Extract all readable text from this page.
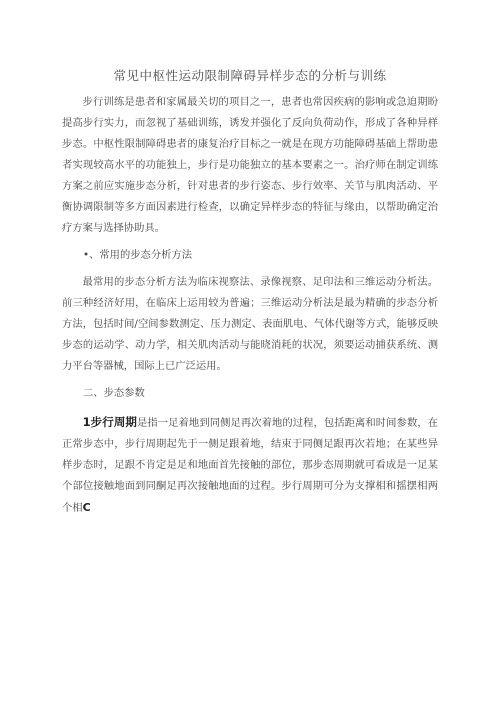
常见中枢性运动限制障碍异样步态的分析与训练

步行训练是患者和家属最关切的项目之一，患者也常因疾病的影响或急迫期盼提高步行实力，而忽视了基础训练，诱发并强化了反向负荷动作，形成了各种异样步态。中枢性限制障碍患者的康复治疗目标之一就是在现方功能障碍基础上帮助患者实现较高水平的功能独上，步行是功能独立的基本要素之一。治疗师在制定训练方案之前应实施步态分析，针对患者的步行姿态、步行效率、关节与肌肉活动、平衡协调限制等多方面因素进行检查，以确定异样步态的特征与缘由，以帮助确定治疗方案与选择协助具。

•、常用的步态分析方法

最常用的步态分析方法为临床视察法、录像视察、足印法和三维运动分析法。前三种经济好用，在临床上运用较为普遍；三维运动分析法是最为精确的步态分析方法，包括时间/空间参数测定、压力测定、表面肌电、气体代谢等方式，能够反映步态的运动学、动力学，相关肌肉活动与能晓消耗的状况，须要运动捕获系统、测力平台等器械，国际上已广泛运用。

二、步态参数

1步行周期是指一足着地到同侧足再次着地的过程，包括距离和时间参数，在正常步态中，步行周期起先于一侧足跟着地，结束于同侧足跟再次若地；在某些异样步态时，足跟不肯定是足和地面首先接触的部位，那步态周期就可看成是一足某个部位接触地面到同酮足再次接触地面的过程。步行周期可分为支撑相和摇摆相两个相C
